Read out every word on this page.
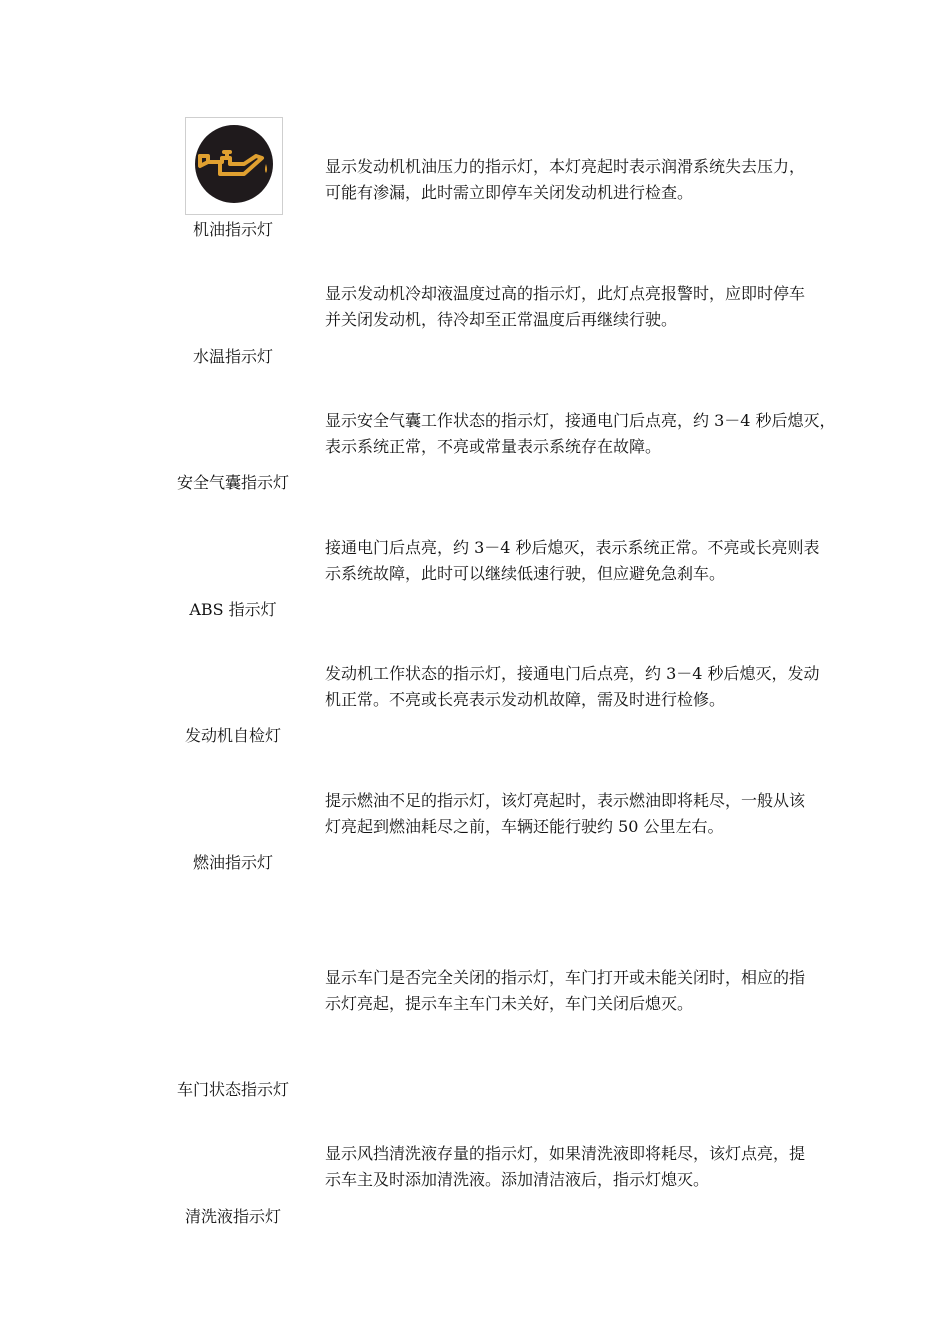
机油指示灯

显示发动机机油压力的指示灯，本灯亮起时表示润滑系统失去压力，
可能有渗漏，此时需立即停车关闭发动机进行检查。

水温指示灯

显示发动机冷却液温度过高的指示灯，此灯点亮报警时，应即时停车
并关闭发动机，待冷却至正常温度后再继续行驶。

安全气囊指示灯

显示安全气囊工作状态的指示灯，接通电门后点亮，约 3－4 秒后熄灭，
表示系统正常，不亮或常量表示系统存在故障。

ABS 指示灯

接通电门后点亮，约 3－4 秒后熄灭，表示系统正常。不亮或长亮则表
示系统故障，此时可以继续低速行驶，但应避免急刹车。

发动机自检灯

发动机工作状态的指示灯，接通电门后点亮，约 3－4 秒后熄灭，发动
机正常。不亮或长亮表示发动机故障，需及时进行检修。

燃油指示灯

提示燃油不足的指示灯，该灯亮起时，表示燃油即将耗尽，一般从该
灯亮起到燃油耗尽之前，车辆还能行驶约 50 公里左右。

车门状态指示灯

显示车门是否完全关闭的指示灯，车门打开或未能关闭时，相应的指
示灯亮起，提示车主车门未关好，车门关闭后熄灭。

清洗液指示灯

显示风挡清洗液存量的指示灯，如果清洗液即将耗尽，该灯点亮，提
示车主及时添加清洗液。添加清洁液后，指示灯熄灭。
